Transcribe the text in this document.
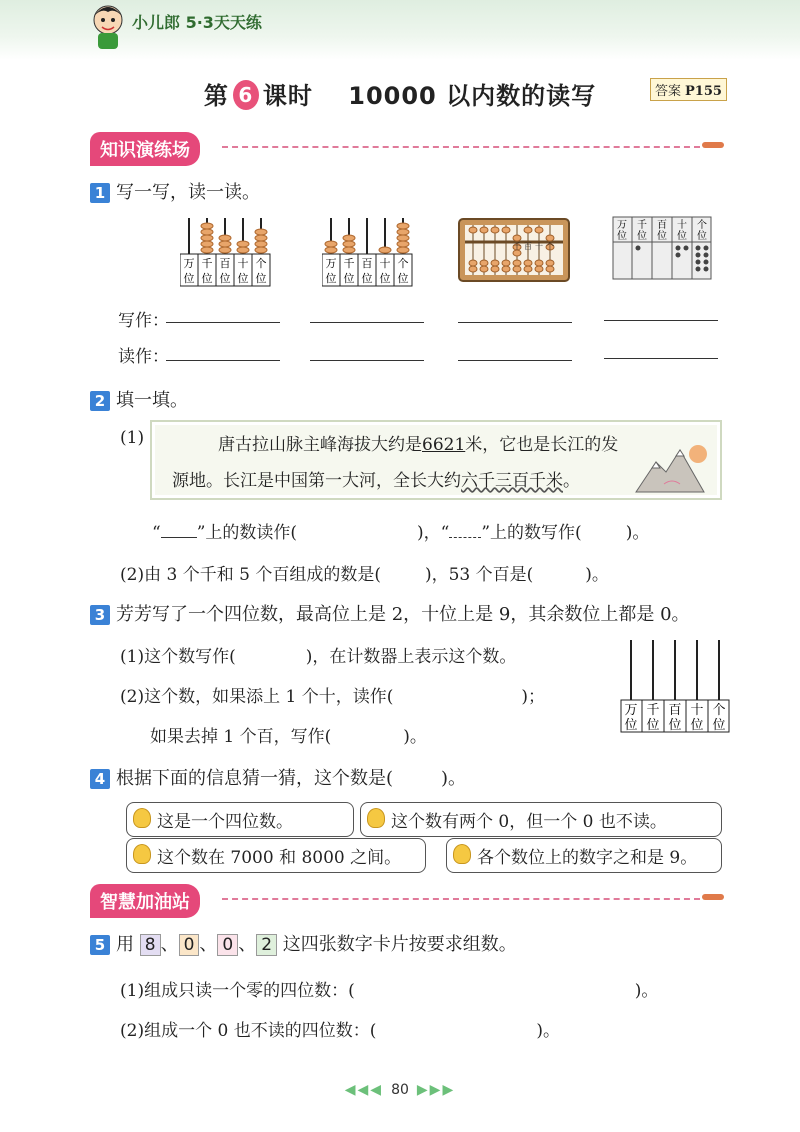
小儿郎 5·3天天练
第 6 课时 10000 以内数的读写	答案 P155
知识演练场
1 写一写，读一读。
万
位
千
位
百
位
十
位
个
位
万
位
千
位
百
位
十
位
个
位
千 百 十 个
万
位
千
位
百
位
十
位
个
位
写作：
读作：
2 填一填。
(1)	唐古拉山脉主峰海拔大约是6621米，它也是长江的发
源地。长江是中国第一大河，全长大约六千三百千米。
“ ”上的数读作(	)，“ ”上的数写作(	)。
(2)由 3 个千和 5 个百组成的数是(	)，53 个百是(	)。
3 芳芳写了一个四位数，最高位上是 2，十位上是 9，其余数位上都是 0。
(1)这个数写作(	)，在计数器上表示这个数。
(2)这个数，如果添上 1 个十，读作(	)；
如果去掉 1 个百，写作(	)。
万
位
千
位
百
位
十
位
个
位
4 根据下面的信息猜一猜，这个数是(	)。
这是一个四位数。	这个数有两个 0，但一个 0 也不读。
这个数在 7000 和 8000 之间。	各个数位上的数字之和是 9。
智慧加油站
5 用 8 、 0 、 0 、 2 这四张数字卡片按要求组数。
(1)组成只读一个零的四位数：(	)。
(2)组成一个 0 也不读的四位数：(	)。
◀◀◀ 80 ▶▶▶
